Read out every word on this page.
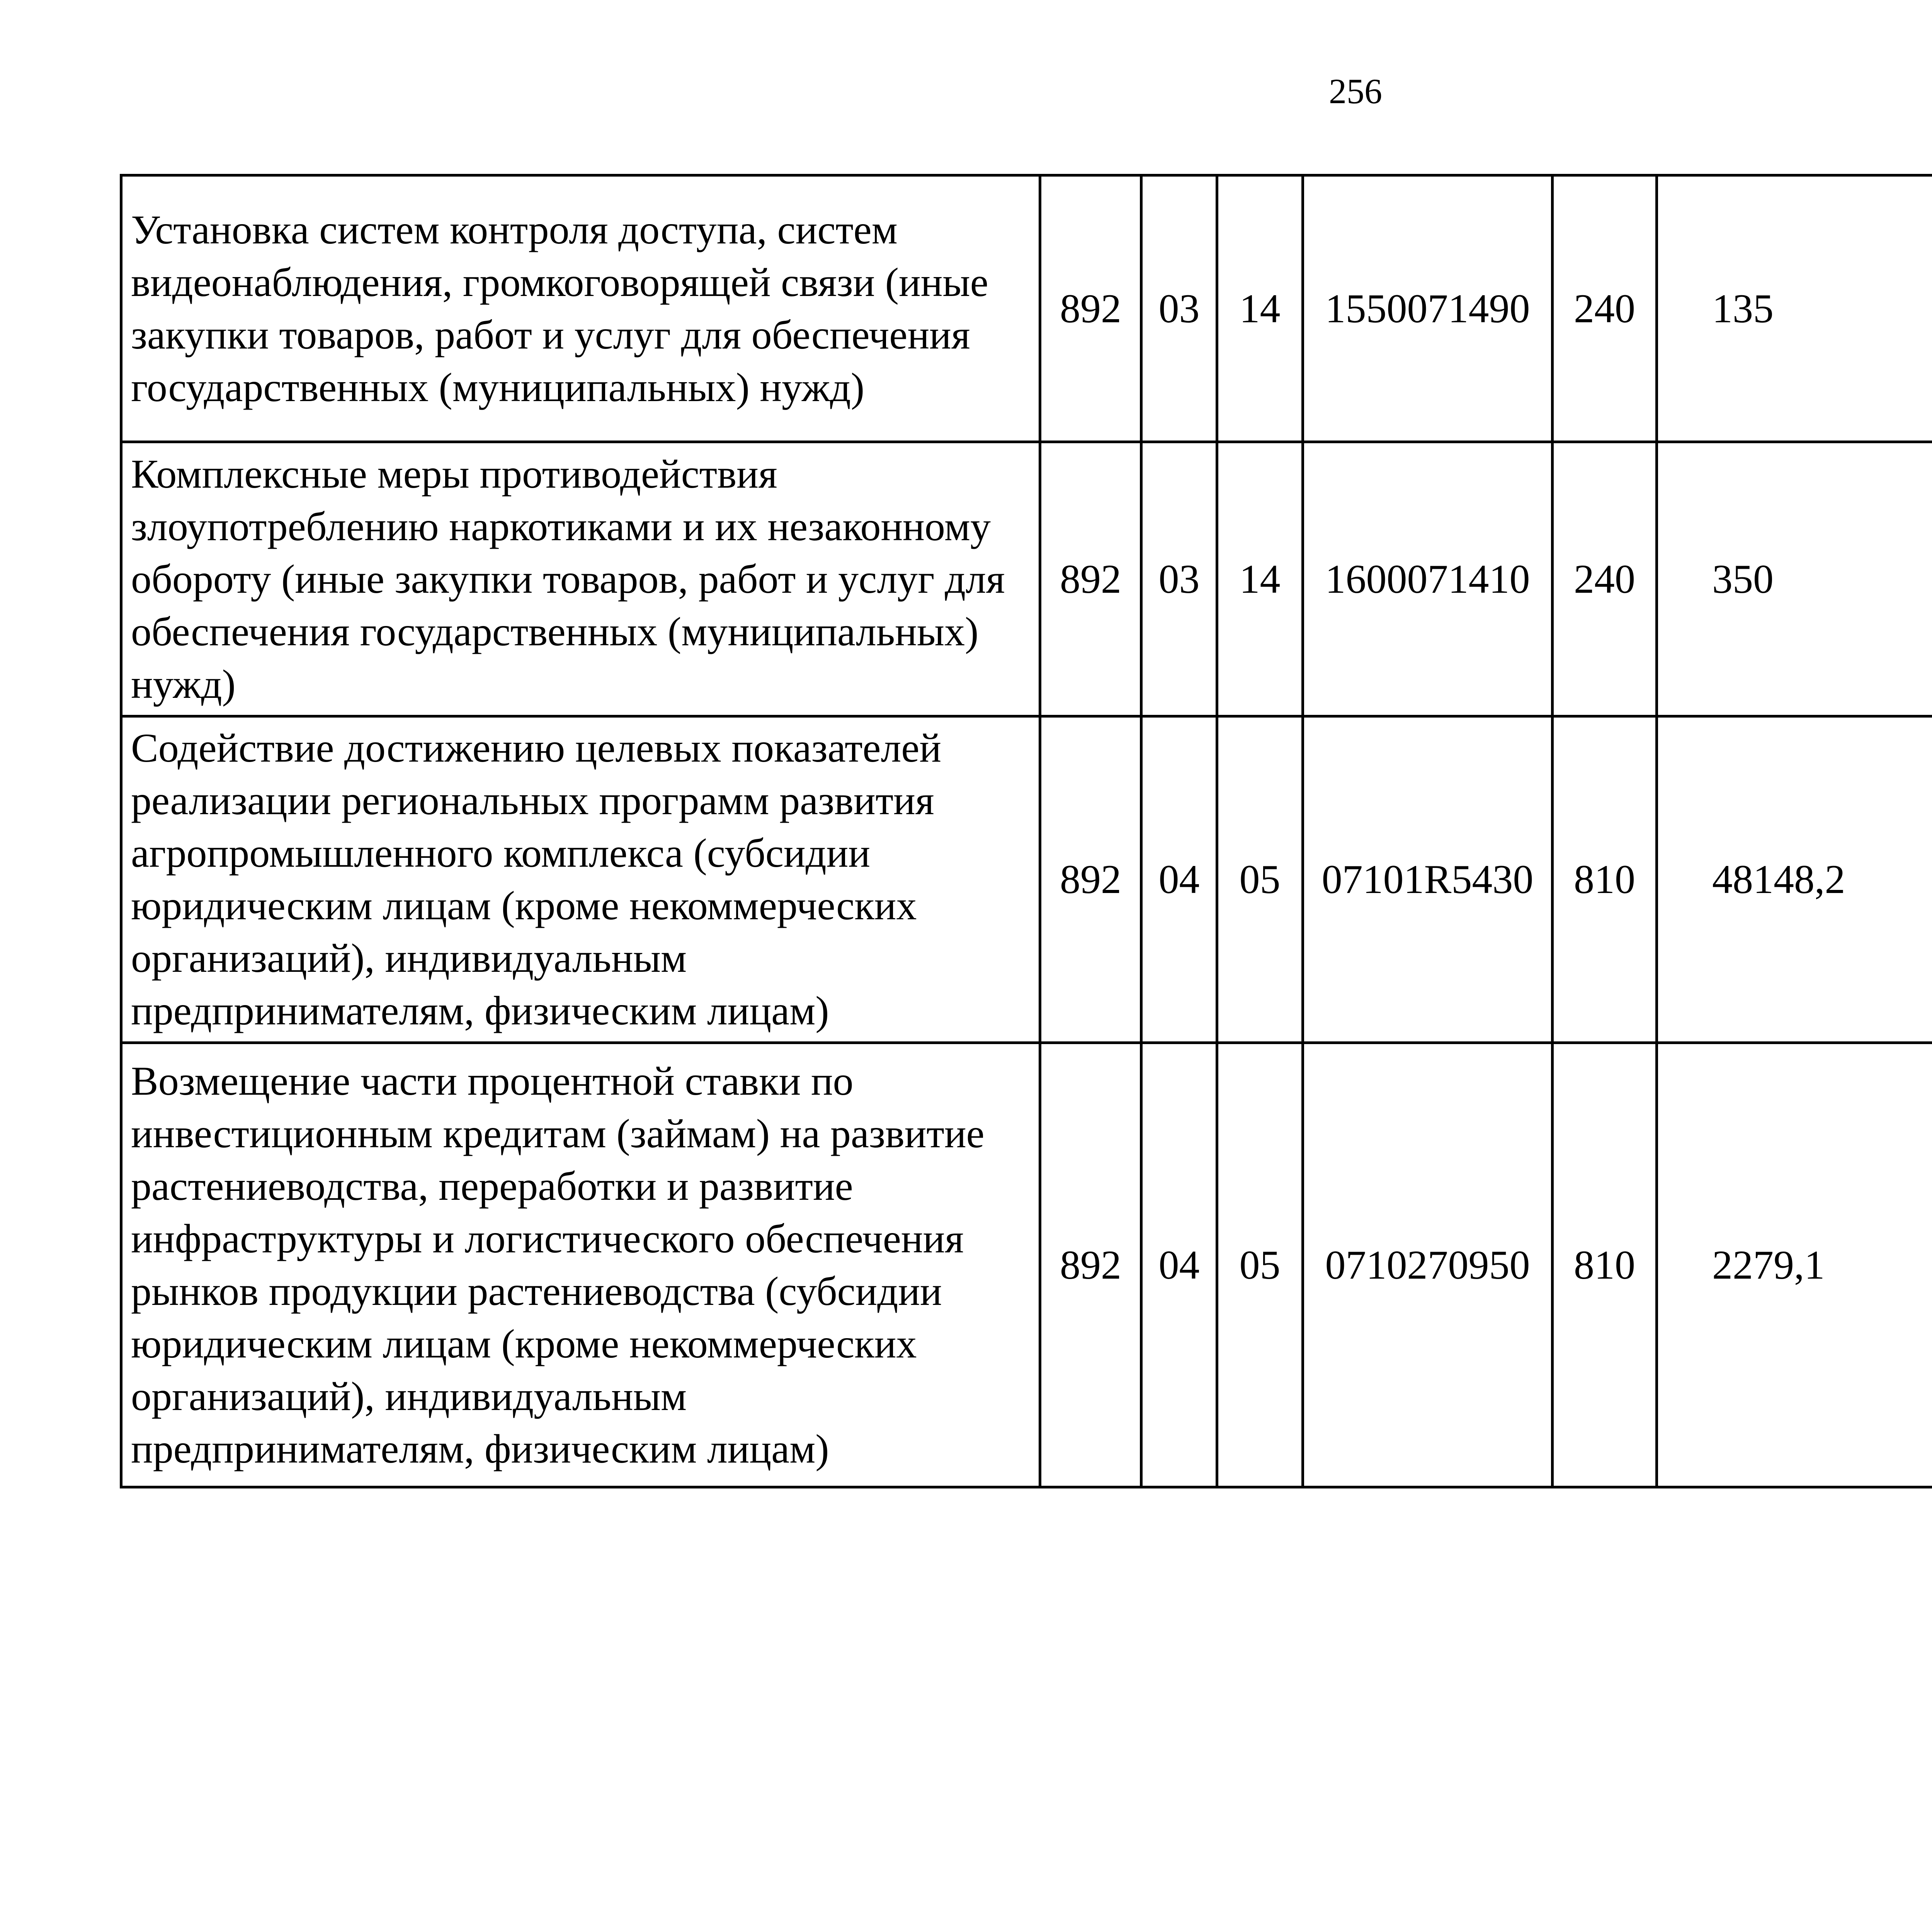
256
Установка систем контроля доступа, систем видеонаблюдения, громкоговорящей связи (иные закупки товаров, работ и услуг для обеспечения государственных (муниципальных) нужд)	892	03	14	1550071490	240	135		
Комплексные меры противодействия злоупотреблению наркотиками и их незаконному обороту (иные закупки товаров, работ и услуг для обеспечения государственных (муниципальных) нужд)	892	03	14	1600071410	240	350		
Содействие достижению целевых показателей реализации региональных программ развития агропромышленного комплекса (субсидии юридическим лицам (кроме некоммерческих организаций), индивидуальным предпринимателям, физическим лицам)	892	04	05	07101R5430	810	48148,2		
Возмещение части процентной ставки по инвестиционным кредитам (займам) на развитие растениеводства, переработки и развитие инфраструктуры и логистического обеспечения рынков продукции растениеводства (субсидии юридическим лицам (кроме некоммерческих организаций), индивидуальным предпринимателям, физическим лицам)	892	04	05	0710270950	810	2279,1		
